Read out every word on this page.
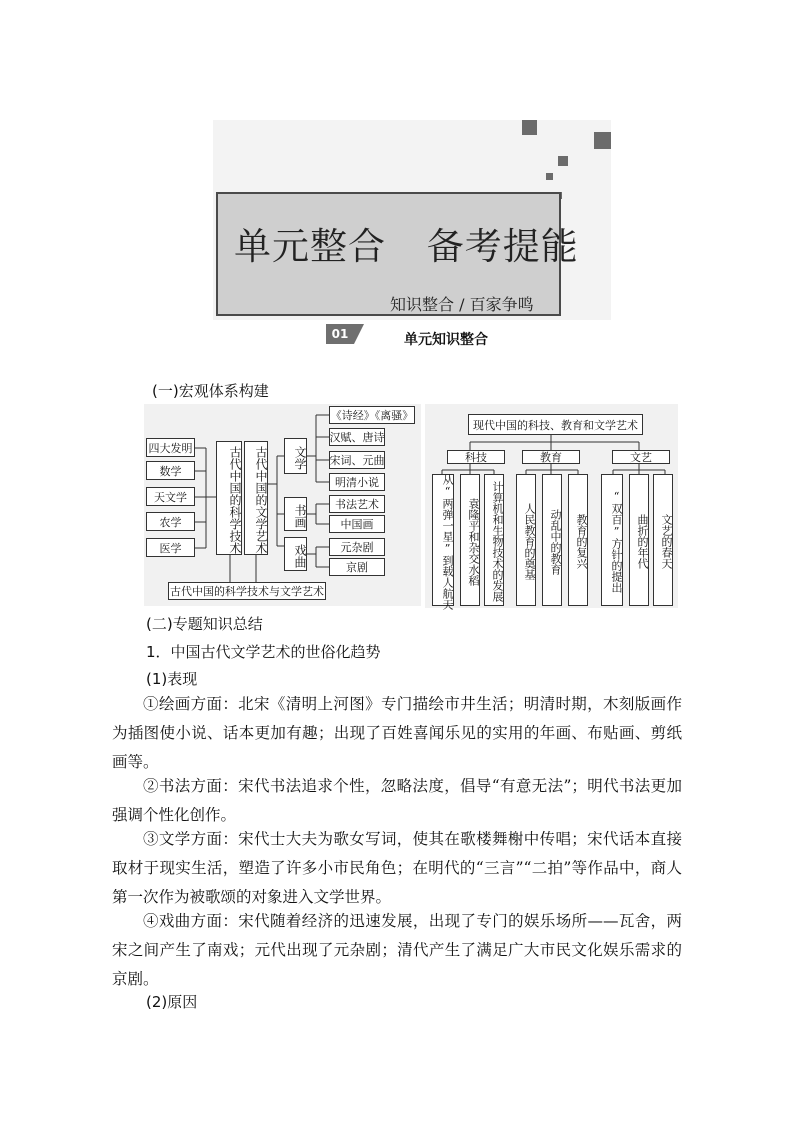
单元整合 备考提能
知识整合 / 百家争鸣
01	单元知识整合
(一)宏观体系构建
四大发明
数学
天文学
农学
医学	古代中国的科学技术	古代中国的文学艺术	文学
书画
戏曲
《诗经》《离骚》
汉赋、唐诗
宋词、元曲
明清小说
书法艺术
中国画
元杂剧
京剧
古代中国的科学技术与文学艺术
现代中国的科技、教育和文学艺术
科技	教育	文艺
从“两弹一星”到载人航天	袁隆平和杂交水稻	计算机和生物技术的发展	人民教育的奠基	动乱中的教育	教育的复兴	“双百”方针的提出	曲折的年代	文艺的春天
(二)专题知识总结
1．中国古代文学艺术的世俗化趋势
(1)表现

①绘画方面：北宋《清明上河图》专门描绘市井生活；明清时期，木刻版画作为插图使小说、话本更加有趣；出现了百姓喜闻乐见的实用的年画、布贴画、剪纸画等。

②书法方面：宋代书法追求个性，忽略法度，倡导“有意无法”；明代书法更加强调个性化创作。

③文学方面：宋代士大夫为歌女写词，使其在歌楼舞榭中传唱；宋代话本直接取材于现实生活，塑造了许多小市民角色；在明代的“三言”“二拍”等作品中，商人第一次作为被歌颂的对象进入文学世界。

④戏曲方面：宋代随着经济的迅速发展，出现了专门的娱乐场所——瓦舍，两宋之间产生了南戏；元代出现了元杂剧；清代产生了满足广大市民文化娱乐需求的京剧。

(2)原因
